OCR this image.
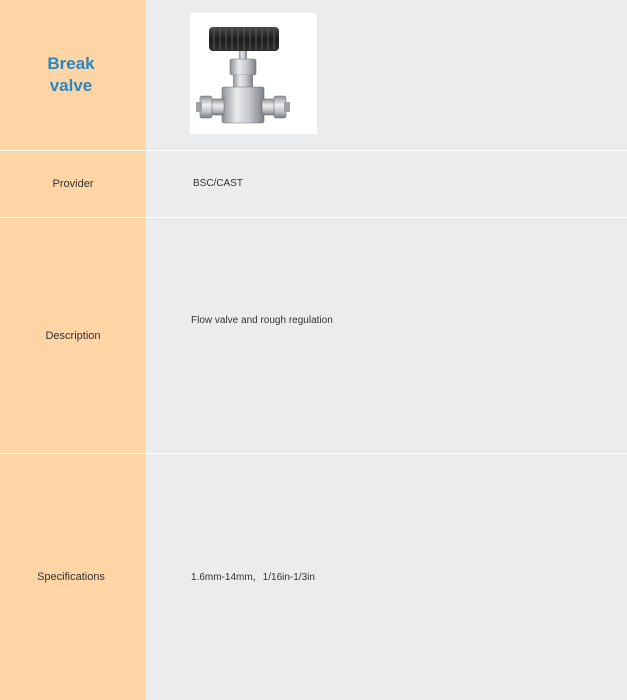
Break valve
Provider	BSC/CAST
Description
Flow valve and rough regulation
Specifications	1.6mm-14mm，1/16in-1/3in
